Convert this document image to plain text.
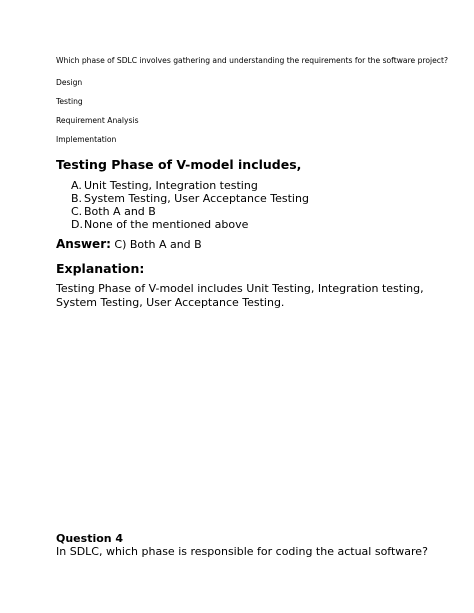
Which phase of SDLC involves gathering and understanding the requirements for the software project?
Design
Testing
Requirement Analysis
Implementation
Testing Phase of V-model includes,
A. Unit Testing, Integration testing
B. System Testing, User Acceptance Testing
C. Both A and B
D.None of the mentioned above
Answer: C) Both A and B
Explanation:
Testing Phase of V-model includes Unit Testing, Integration testing,
System Testing, User Acceptance Testing.
Question 4
In SDLC, which phase is responsible for coding the actual software?
